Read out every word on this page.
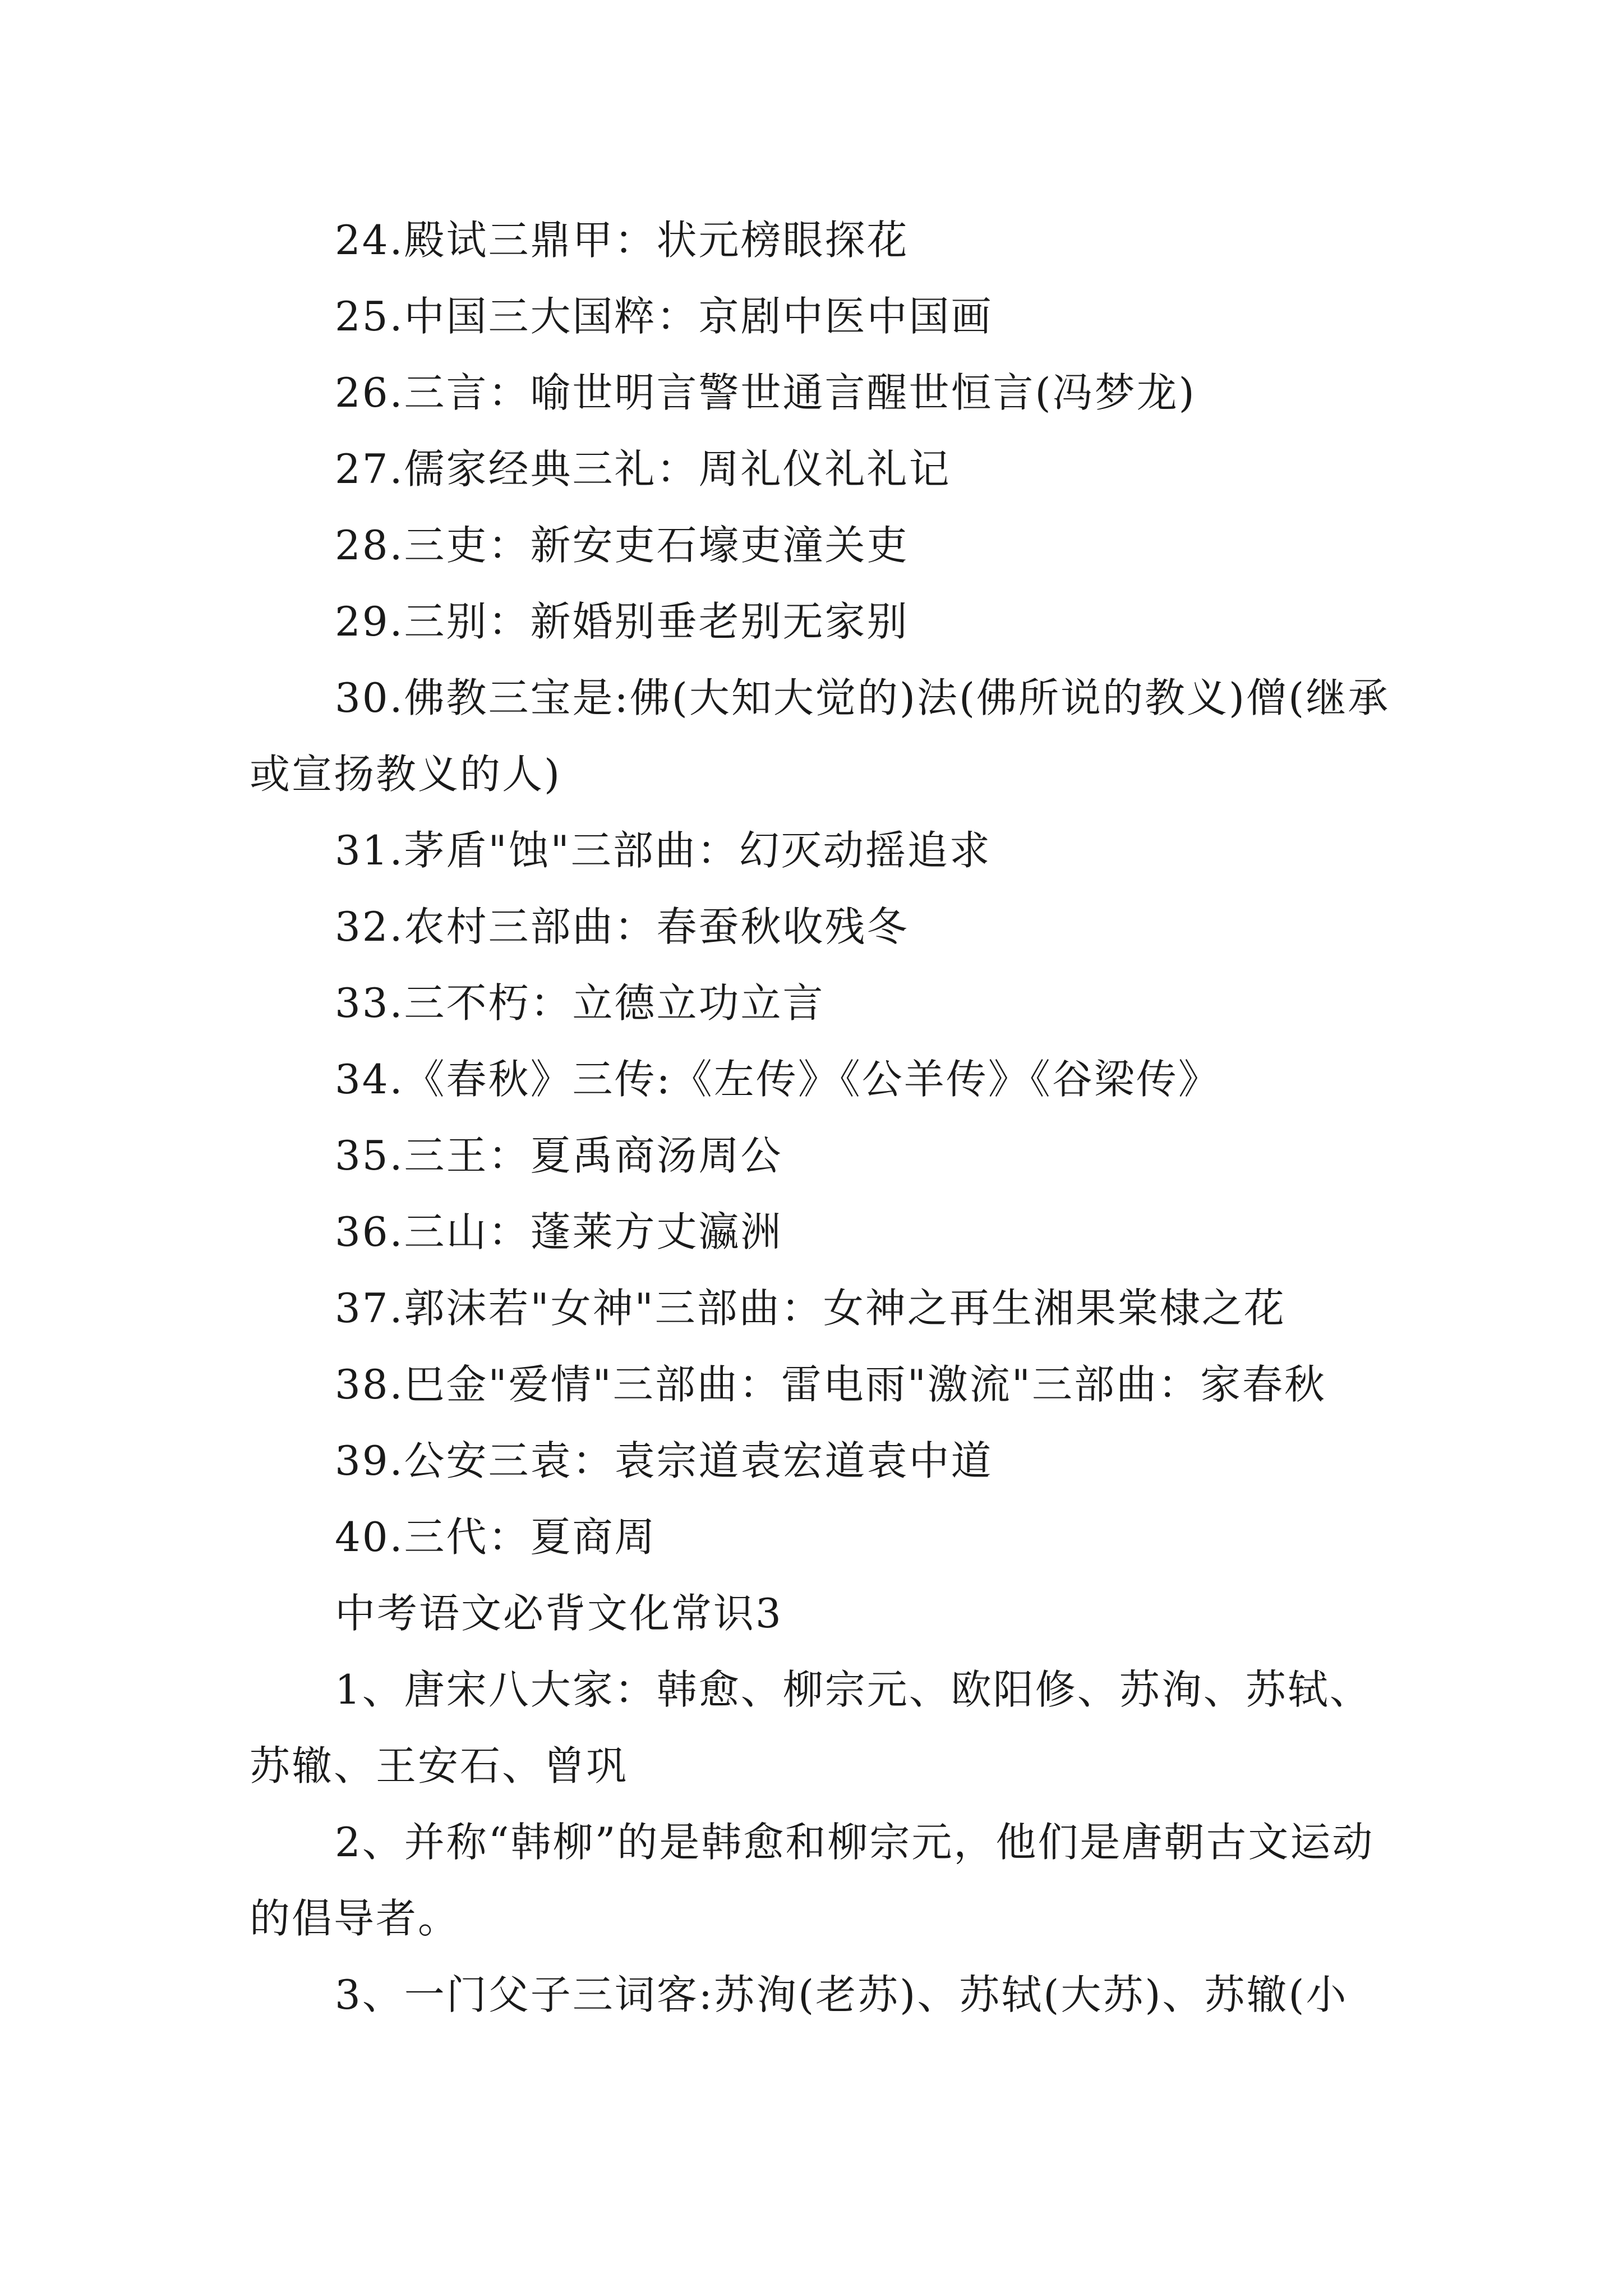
24.殿试三鼎甲：状元榜眼探花

25.中国三大国粹：京剧中医中国画

26.三言：喻世明言警世通言醒世恒言(冯梦龙)

27.儒家经典三礼：周礼仪礼礼记

28.三吏：新安吏石壕吏潼关吏

29.三别：新婚别垂老别无家别

30.佛教三宝是:佛(大知大觉的)法(佛所说的教义)僧(继承或宣扬教义的人)

31.茅盾"蚀"三部曲：幻灭动摇追求

32.农村三部曲：春蚕秋收残冬

33.三不朽：立德立功立言

34.《春秋》三传:《左传》《公羊传》《谷梁传》

35.三王：夏禹商汤周公

36.三山：蓬莱方丈瀛洲

37.郭沫若"女神"三部曲：女神之再生湘果棠棣之花

38.巴金"爱情"三部曲：雷电雨"激流"三部曲：家春秋

39.公安三袁：袁宗道袁宏道袁中道

40.三代：夏商周

中考语文必背文化常识3

1、唐宋八大家：韩愈、柳宗元、欧阳修、苏洵、苏轼、苏辙、王安石、曾巩

2、并称“韩柳”的是韩愈和柳宗元，他们是唐朝古文运动的倡导者。

3、一门父子三词客:苏洵(老苏)、苏轼(大苏)、苏辙(小
